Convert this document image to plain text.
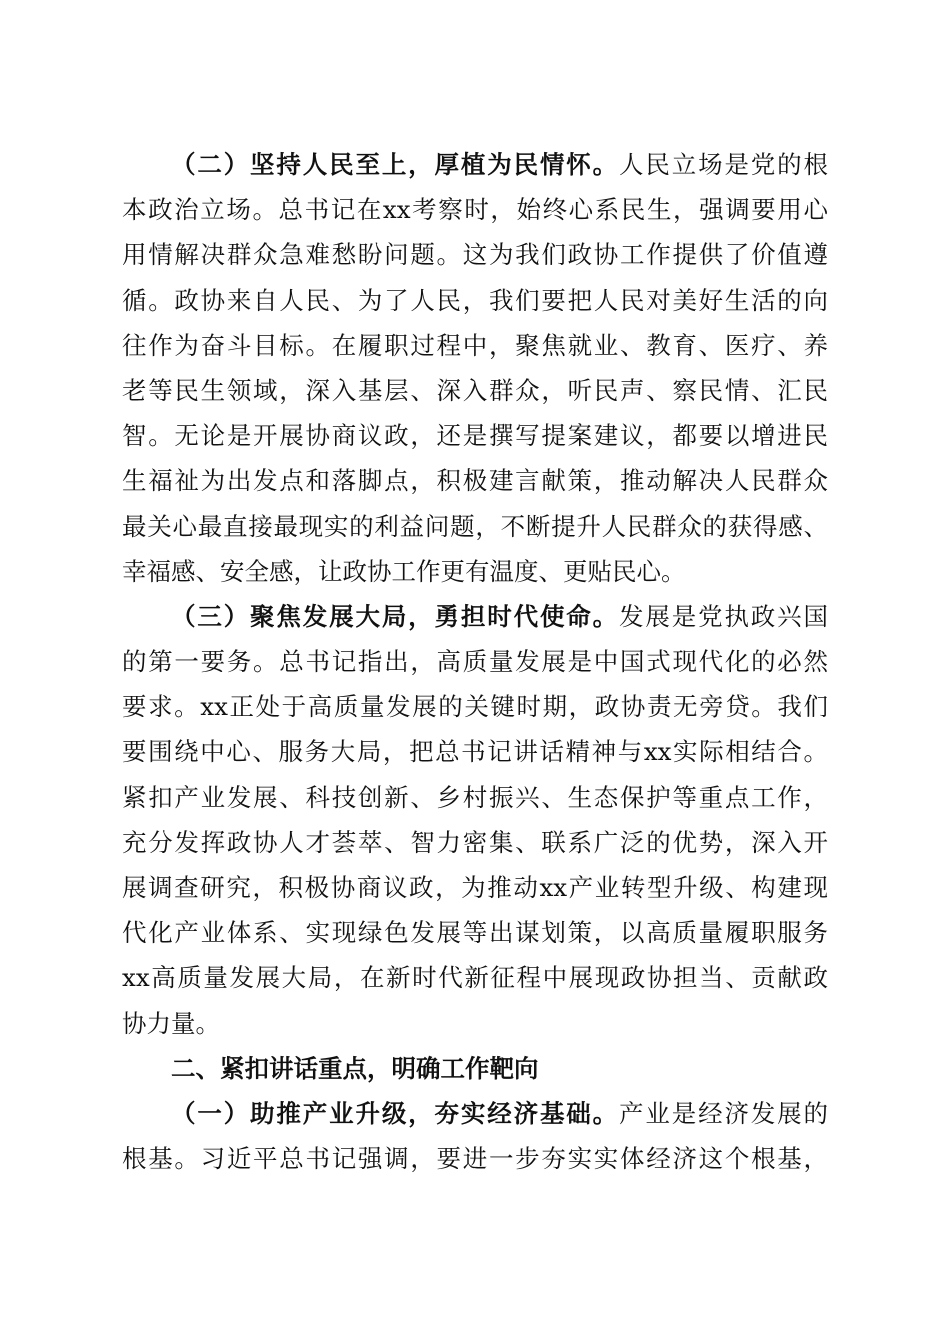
（二）坚持人民至上，厚植为民情怀。人民立场是党的根
本政治立场。总书记在xx考察时，始终心系民生，强调要用心
用情解决群众急难愁盼问题。这为我们政协工作提供了价值遵
循。政协来自人民、为了人民，我们要把人民对美好生活的向
往作为奋斗目标。在履职过程中，聚焦就业、教育、医疗、养
老等民生领域，深入基层、深入群众，听民声、察民情、汇民
智。无论是开展协商议政，还是撰写提案建议，都要以增进民
生福祉为出发点和落脚点，积极建言献策，推动解决人民群众
最关心最直接最现实的利益问题，不断提升人民群众的获得感、
幸福感、安全感，让政协工作更有温度、更贴民心。
（三）聚焦发展大局，勇担时代使命。发展是党执政兴国
的第一要务。总书记指出，高质量发展是中国式现代化的必然
要求。xx正处于高质量发展的关键时期，政协责无旁贷。我们
要围绕中心、服务大局，把总书记讲话精神与xx实际相结合。
紧扣产业发展、科技创新、乡村振兴、生态保护等重点工作，
充分发挥政协人才荟萃、智力密集、联系广泛的优势，深入开
展调查研究，积极协商议政，为推动xx产业转型升级、构建现
代化产业体系、实现绿色发展等出谋划策，以高质量履职服务
xx高质量发展大局，在新时代新征程中展现政协担当、贡献政
协力量。
二、紧扣讲话重点，明确工作靶向
（一）助推产业升级，夯实经济基础。产业是经济发展的
根基。习近平总书记强调，要进一步夯实实体经济这个根基，
